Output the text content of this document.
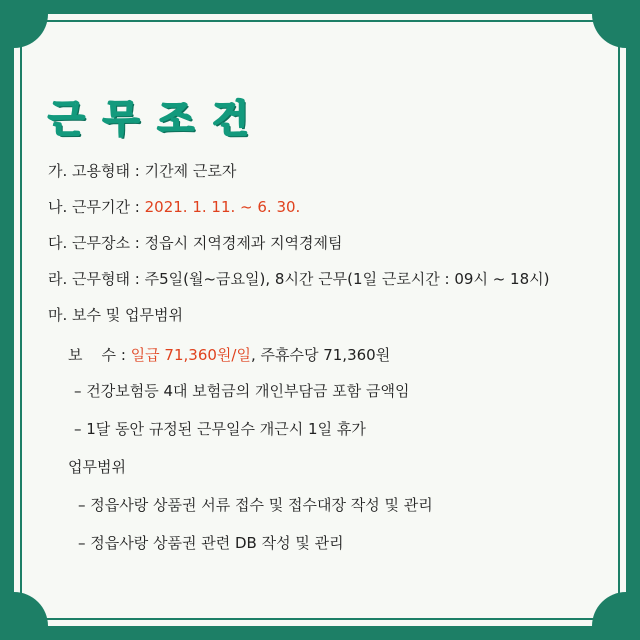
근무조건
가. 고용형태 : 기간제 근로자
나. 근무기간 : 2021. 1. 11. ~ 6. 30.
다. 근무장소 : 정읍시 지역경제과 지역경제팀
라. 근무형태 : 주5일(월~금요일), 8시간 근무(1일 근로시간 : 09시 ~ 18시)
마. 보수 및 업무범위
보    수 : 일급 71,360원/일, 주휴수당 71,360원
– 건강보험등 4대 보험금의 개인부담금 포함 금액임
– 1달 동안 규정된 근무일수 개근시 1일 휴가
업무범위
– 정읍사랑 상품권 서류 접수 및 접수대장 작성 및 관리
– 정읍사랑 상품권 관련 DB 작성 및 관리
